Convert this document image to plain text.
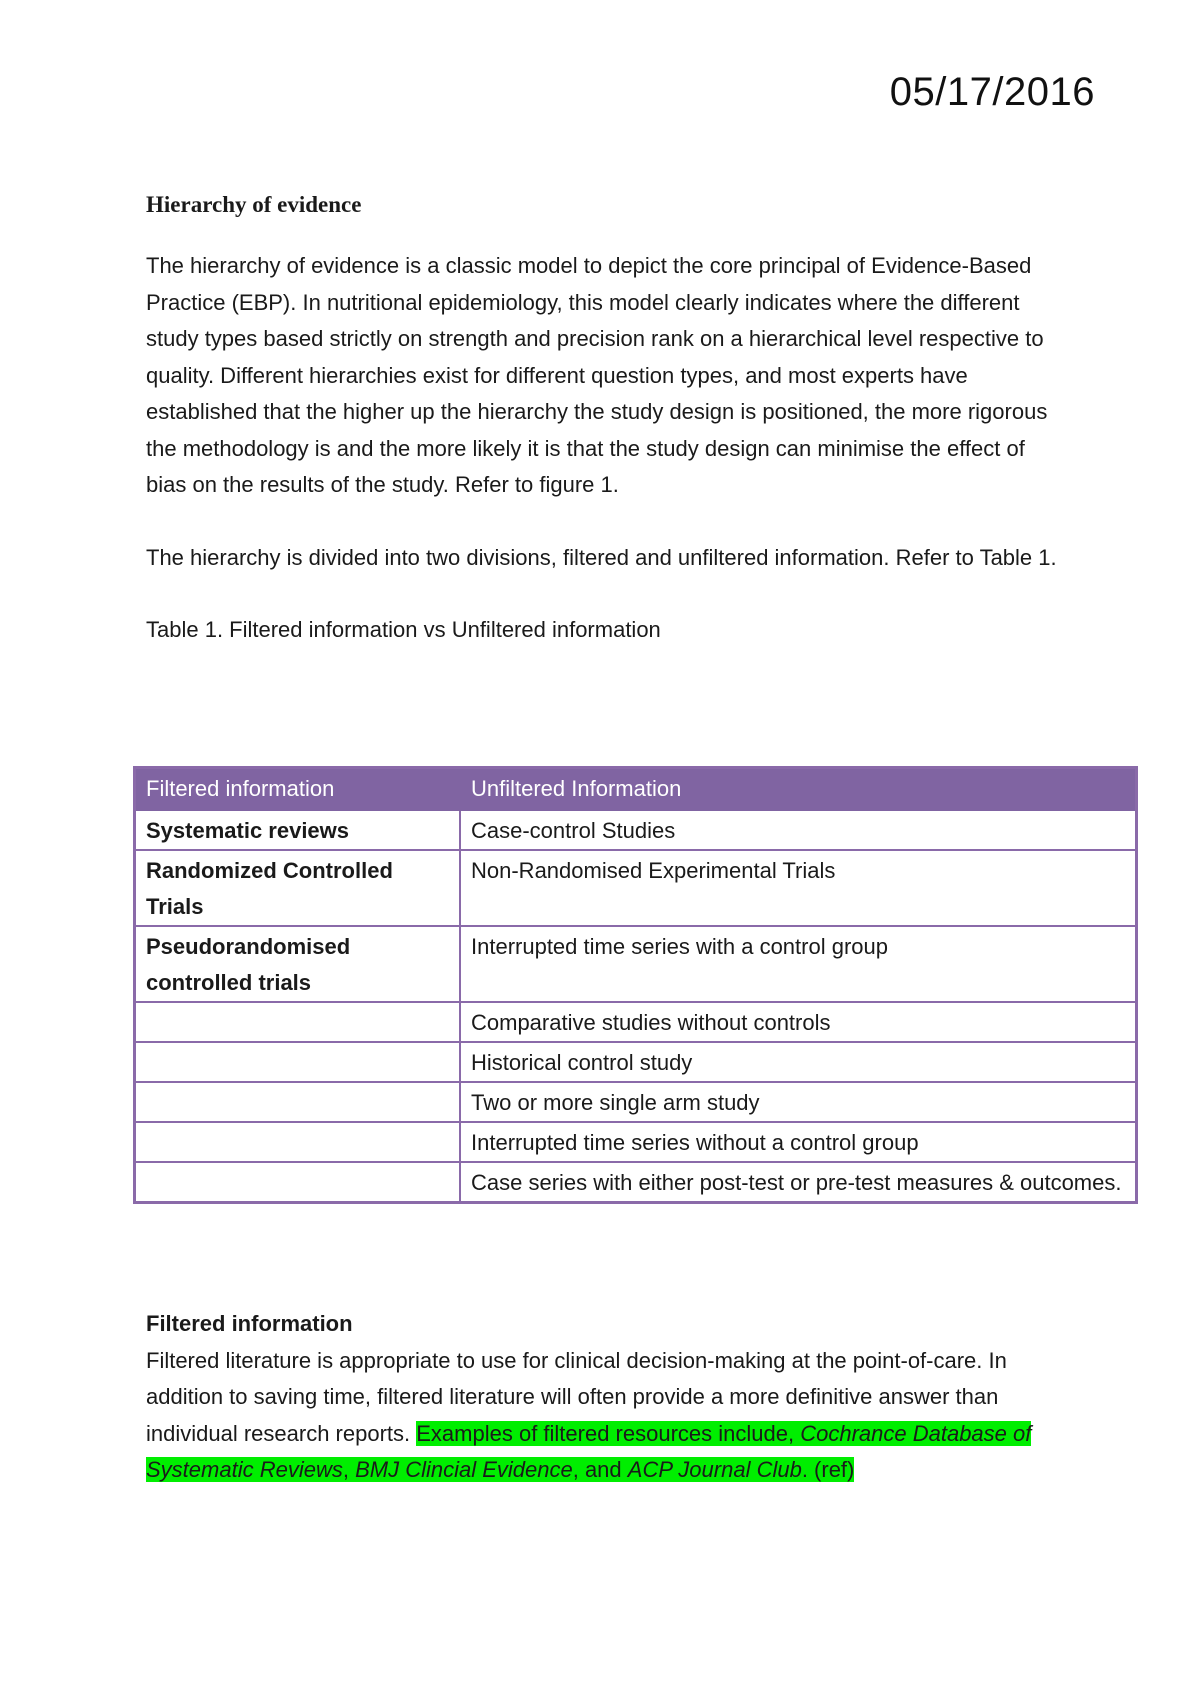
05/17/2016
Hierarchy of evidence

The hierarchy of evidence is a classic model to depict the core principal of Evidence-Based Practice (EBP). In nutritional epidemiology, this model clearly indicates where the different study types based strictly on strength and precision rank on a hierarchical level respective to quality. Different hierarchies exist for different question types, and most experts have established that the higher up the hierarchy the study design is positioned, the more rigorous the methodology is and the more likely it is that the study design can minimise the effect of bias on the results of the study. Refer to figure 1.

The hierarchy is divided into two divisions, filtered and unfiltered information. Refer to Table 1.

Table 1. Filtered information vs Unfiltered information
Filtered information	Unfiltered Information
Systematic reviews	Case-control Studies
Randomized Controlled Trials	Non-Randomised Experimental Trials
Pseudorandomised controlled trials	Interrupted time series with a control group
	Comparative studies without controls
	Historical control study
	Two or more single arm study
	Interrupted time series without a control group
	Case series with either post-test or pre-test measures & outcomes.
Filtered information
Filtered literature is appropriate to use for clinical decision-making at the point-of-care. In addition to saving time, filtered literature will often provide a more definitive answer than individual research reports. Examples of filtered resources include, Cochrance Database of Systematic Reviews, BMJ Clincial Evidence, and ACP Journal Club. (ref)
